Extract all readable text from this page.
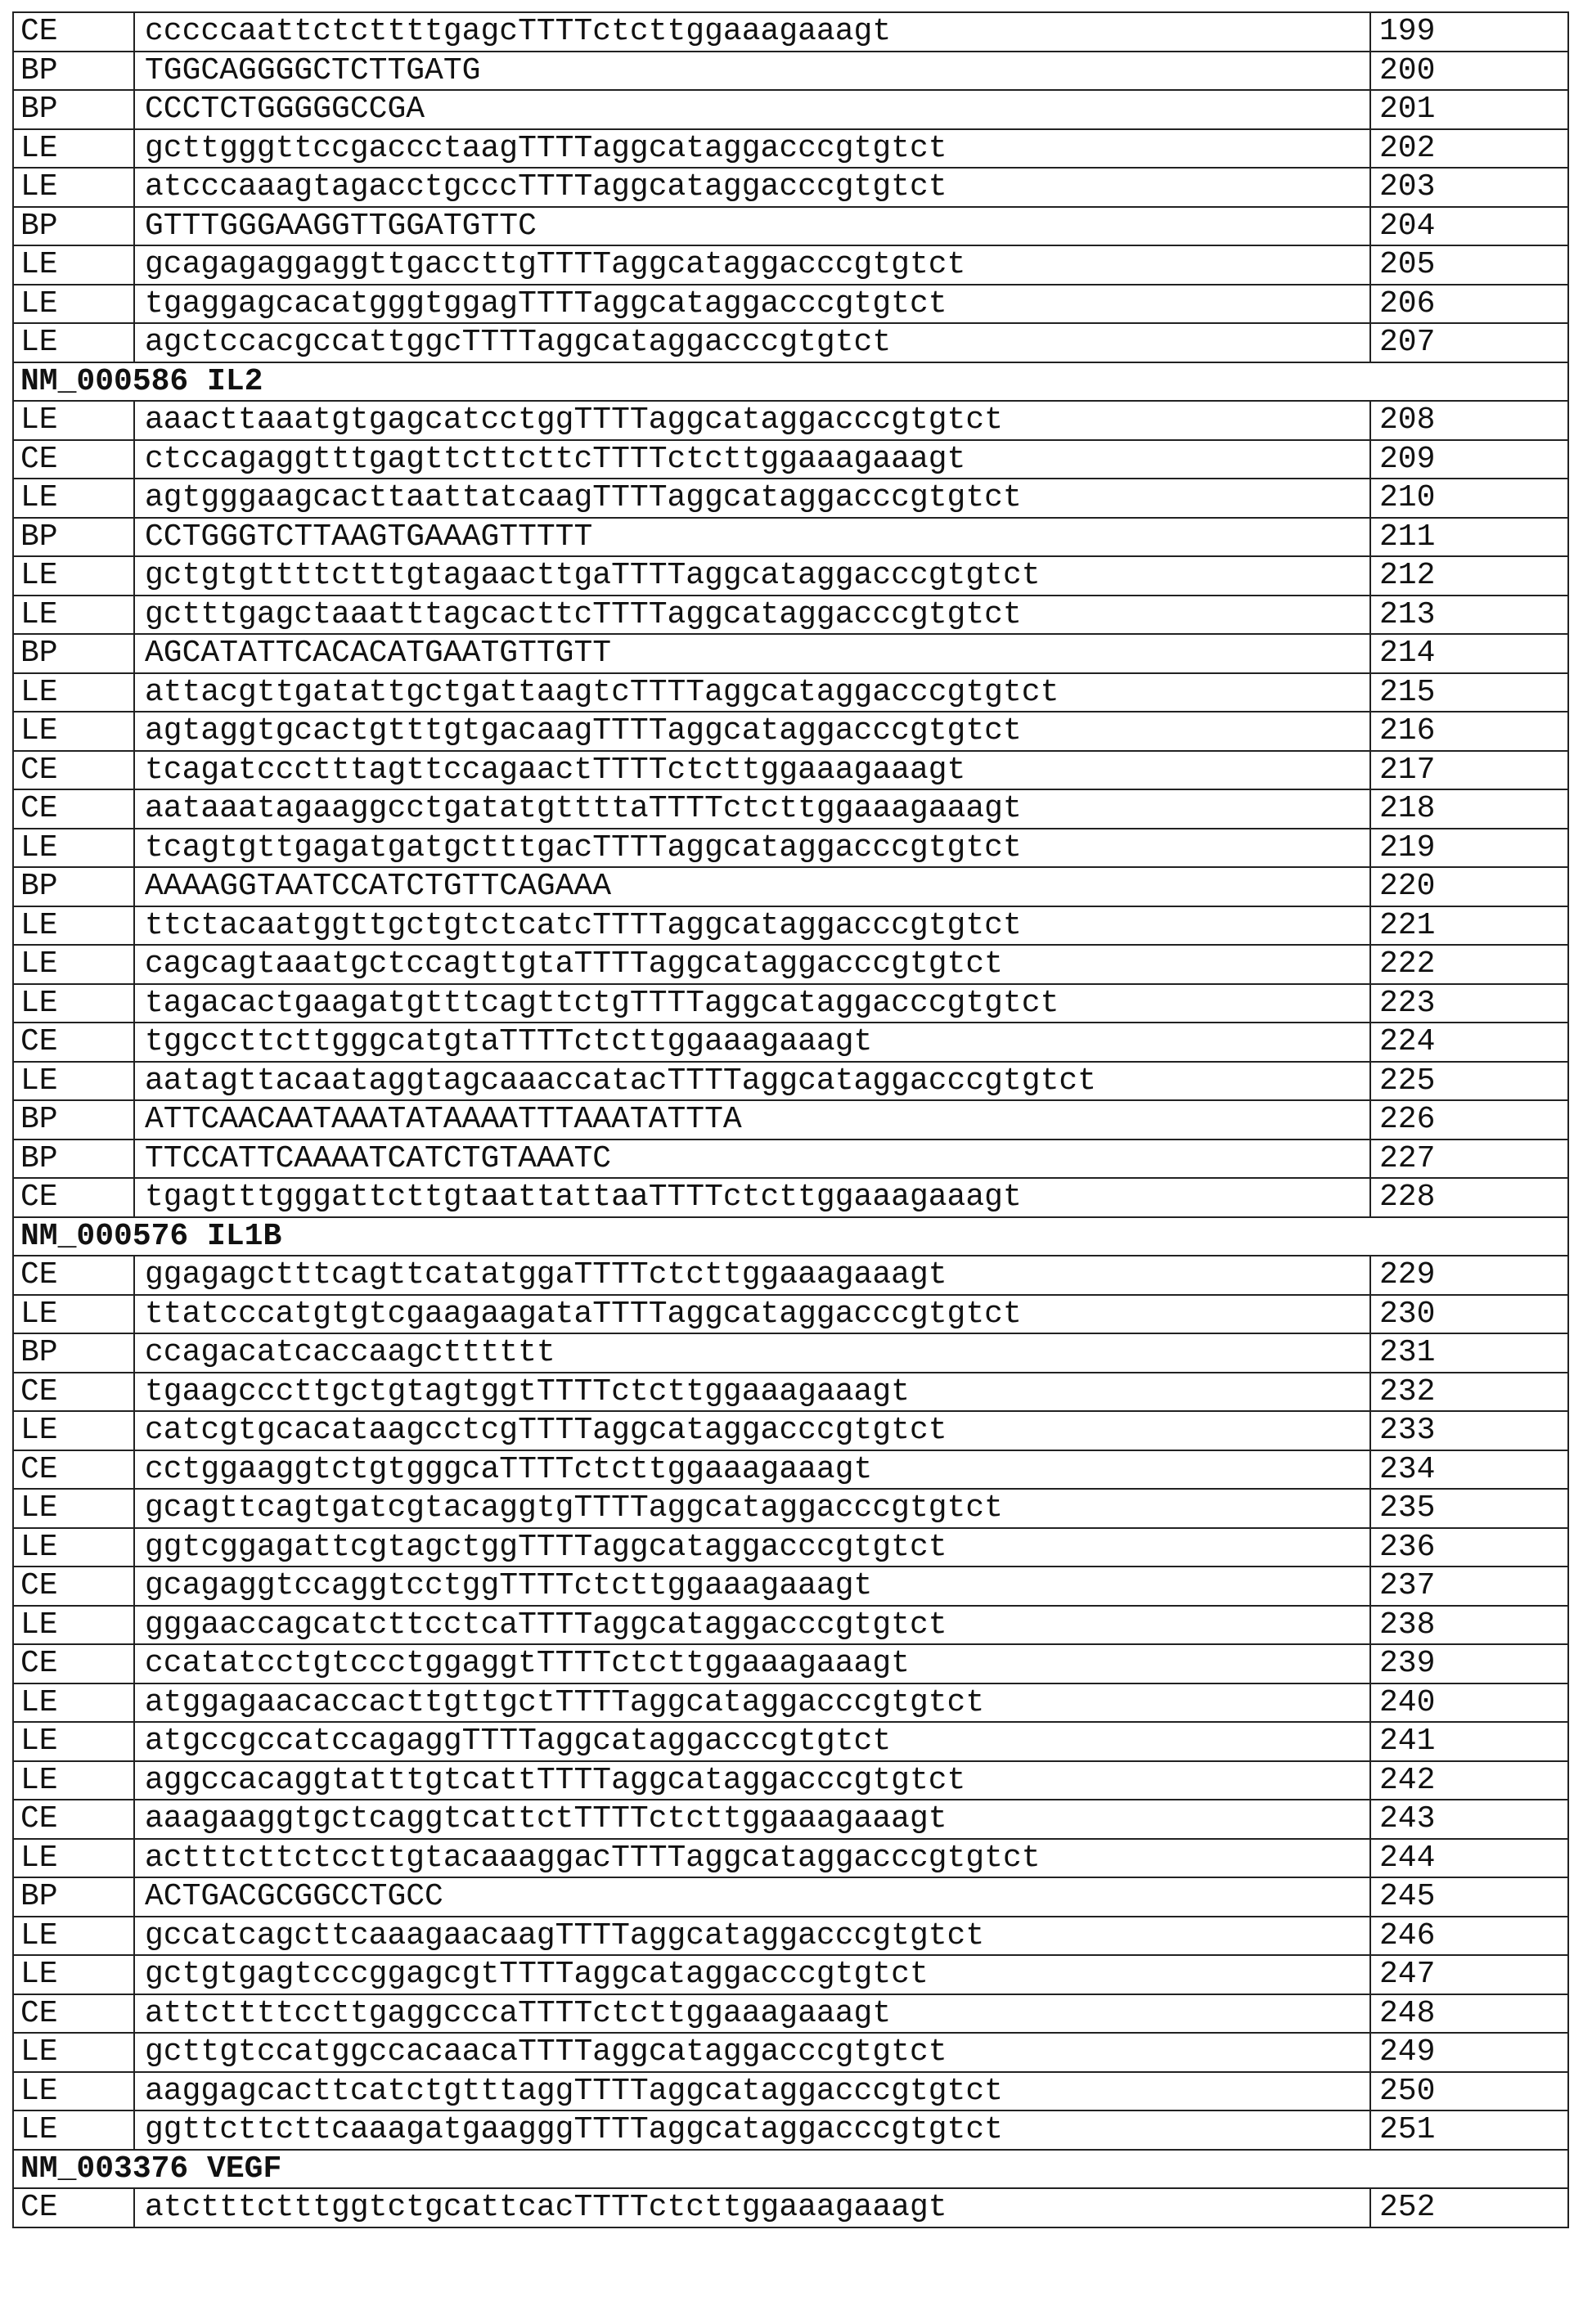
CE	cccccaattctcttttgagcTTTTctcttggaaagaaagt	199
BP	TGGCAGGGGCTCTTGATG	200
BP	CCCTCTGGGGGCCGA	201
LE	gcttgggttccgaccctaagTTTTaggcataggacccgtgtct	202
LE	atcccaaagtagacctgcccTTTTaggcataggacccgtgtct	203
BP	GTTTGGGAAGGTTGGATGTTC	204
LE	gcagagaggaggttgaccttgTTTTaggcataggacccgtgtct	205
LE	tgaggagcacatgggtggagTTTTaggcataggacccgtgtct	206
LE	agctccacgccattggcTTTTaggcataggacccgtgtct	207
NM_000586 IL2
LE	aaacttaaatgtgagcatcctggTTTTaggcataggacccgtgtct	208
CE	ctccagaggtttgagttcttcttcTTTTctcttggaaagaaagt	209
LE	agtgggaagcacttaattatcaagTTTTaggcataggacccgtgtct	210
BP	CCTGGGTCTTAAGTGAAAGTTTTT	211
LE	gctgtgttttctttgtagaacttgaTTTTaggcataggacccgtgtct	212
LE	gctttgagctaaatttagcacttcTTTTaggcataggacccgtgtct	213
BP	AGCATATTCACACATGAATGTTGTT	214
LE	attacgttgatattgctgattaagtcTTTTaggcataggacccgtgtct	215
LE	agtaggtgcactgtttgtgacaagTTTTaggcataggacccgtgtct	216
CE	tcagatccctttagttccagaactTTTTctcttggaaagaaagt	217
CE	aataaatagaaggcctgatatgttttaTTTTctcttggaaagaaagt	218
LE	tcagtgttgagatgatgctttgacTTTTaggcataggacccgtgtct	219
BP	AAAAGGTAATCCATCTGTTCAGAAA	220
LE	ttctacaatggttgctgtctcatcTTTTaggcataggacccgtgtct	221
LE	cagcagtaaatgctccagttgtaTTTTaggcataggacccgtgtct	222
LE	tagacactgaagatgtttcagttctgTTTTaggcataggacccgtgtct	223
CE	tggccttcttgggcatgtaTTTTctcttggaaagaaagt	224
LE	aatagttacaataggtagcaaaccatacTTTTaggcataggacccgtgtct	225
BP	ATTCAACAATAAATATAAAATTTAAATATTTA	226
BP	TTCCATTCAAAATCATCTGTAAATC	227
CE	tgagtttgggattcttgtaattattaaTTTTctcttggaaagaaagt	228
NM_000576 IL1B
CE	ggagagctttcagttcatatggaTTTTctcttggaaagaaagt	229
LE	ttatcccatgtgtcgaagaagataTTTTaggcataggacccgtgtct	230
BP	ccagacatcaccaagctttttt	231
CE	tgaagcccttgctgtagtggtTTTTctcttggaaagaaagt	232
LE	catcgtgcacataagcctcgTTTTaggcataggacccgtgtct	233
CE	cctggaaggtctgtgggcaTTTTctcttggaaagaaagt	234
LE	gcagttcagtgatcgtacaggtgTTTTaggcataggacccgtgtct	235
LE	ggtcggagattcgtagctggTTTTaggcataggacccgtgtct	236
CE	gcagaggtccaggtcctggTTTTctcttggaaagaaagt	237
LE	gggaaccagcatcttcctcaTTTTaggcataggacccgtgtct	238
CE	ccatatcctgtccctggaggtTTTTctcttggaaagaaagt	239
LE	atggagaacaccacttgttgctTTTTaggcataggacccgtgtct	240
LE	atgccgccatccagaggTTTTaggcataggacccgtgtct	241
LE	aggccacaggtatttgtcattTTTTaggcataggacccgtgtct	242
CE	aaagaaggtgctcaggtcattctTTTTctcttggaaagaaagt	243
LE	actttcttctccttgtacaaaggacTTTTaggcataggacccgtgtct	244
BP	ACTGACGCGGCCTGCC	245
LE	gccatcagcttcaaagaacaagTTTTaggcataggacccgtgtct	246
LE	gctgtgagtcccggagcgtTTTTaggcataggacccgtgtct	247
CE	attcttttccttgaggcccaTTTTctcttggaaagaaagt	248
LE	gcttgtccatggccacaacaTTTTaggcataggacccgtgtct	249
LE	aaggagcacttcatctgtttaggTTTTaggcataggacccgtgtct	250
LE	ggttcttcttcaaagatgaagggTTTTaggcataggacccgtgtct	251
NM_003376 VEGF
CE	atctttctttggtctgcattcacTTTTctcttggaaagaaagt	252
